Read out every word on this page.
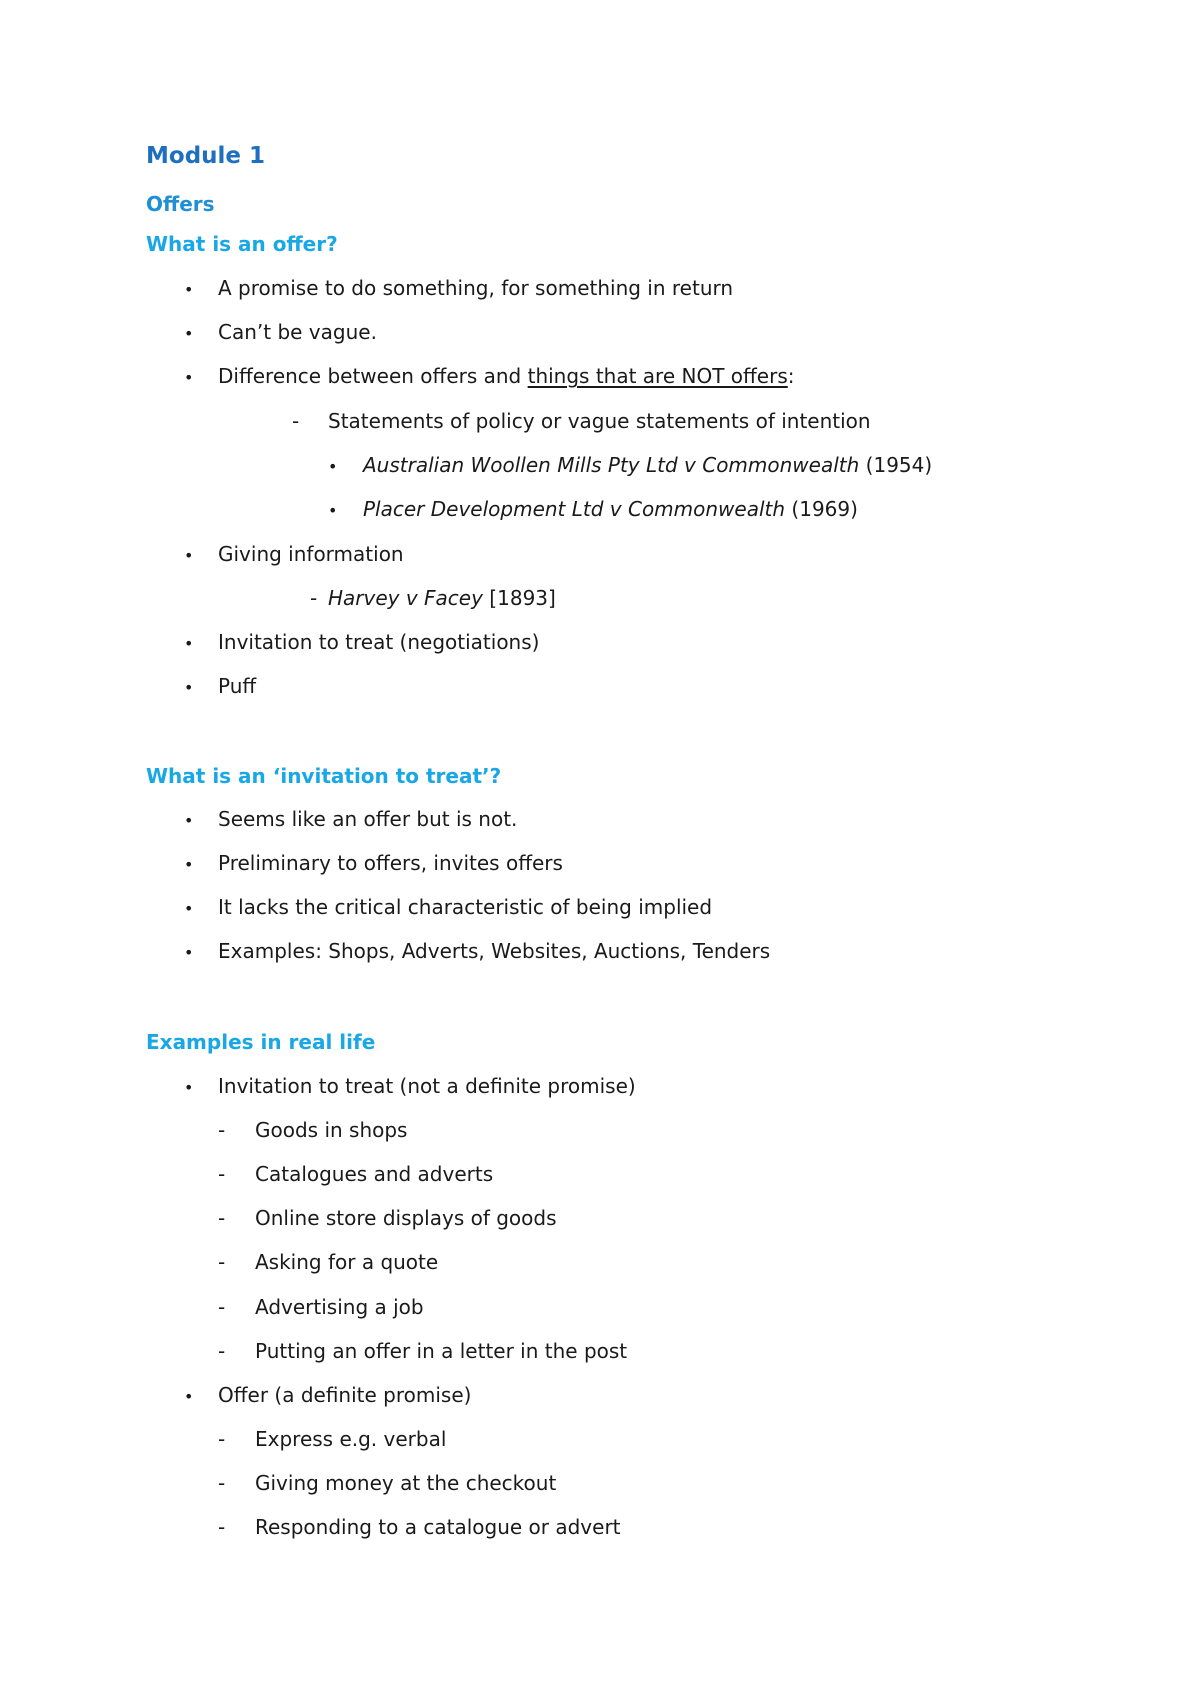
Module 1
Offers
What is an offer?
• A promise to do something, for something in return
• Can’t be vague.
• Difference between offers and things that are NOT offers:
- Statements of policy or vague statements of intention
• Australian Woollen Mills Pty Ltd v Commonwealth (1954)
• Placer Development Ltd v Commonwealth (1969)
• Giving information
- Harvey v Facey [1893]
• Invitation to treat (negotiations)
• Puff
What is an ‘invitation to treat’?
• Seems like an offer but is not.
• Preliminary to offers, invites offers
• It lacks the critical characteristic of being implied
• Examples: Shops, Adverts, Websites, Auctions, Tenders
Examples in real life
• Invitation to treat (not a definite promise)
- Goods in shops
- Catalogues and adverts
- Online store displays of goods
- Asking for a quote
- Advertising a job
- Putting an offer in a letter in the post
• Offer (a definite promise)
- Express e.g. verbal
- Giving money at the checkout
- Responding to a catalogue or advert
